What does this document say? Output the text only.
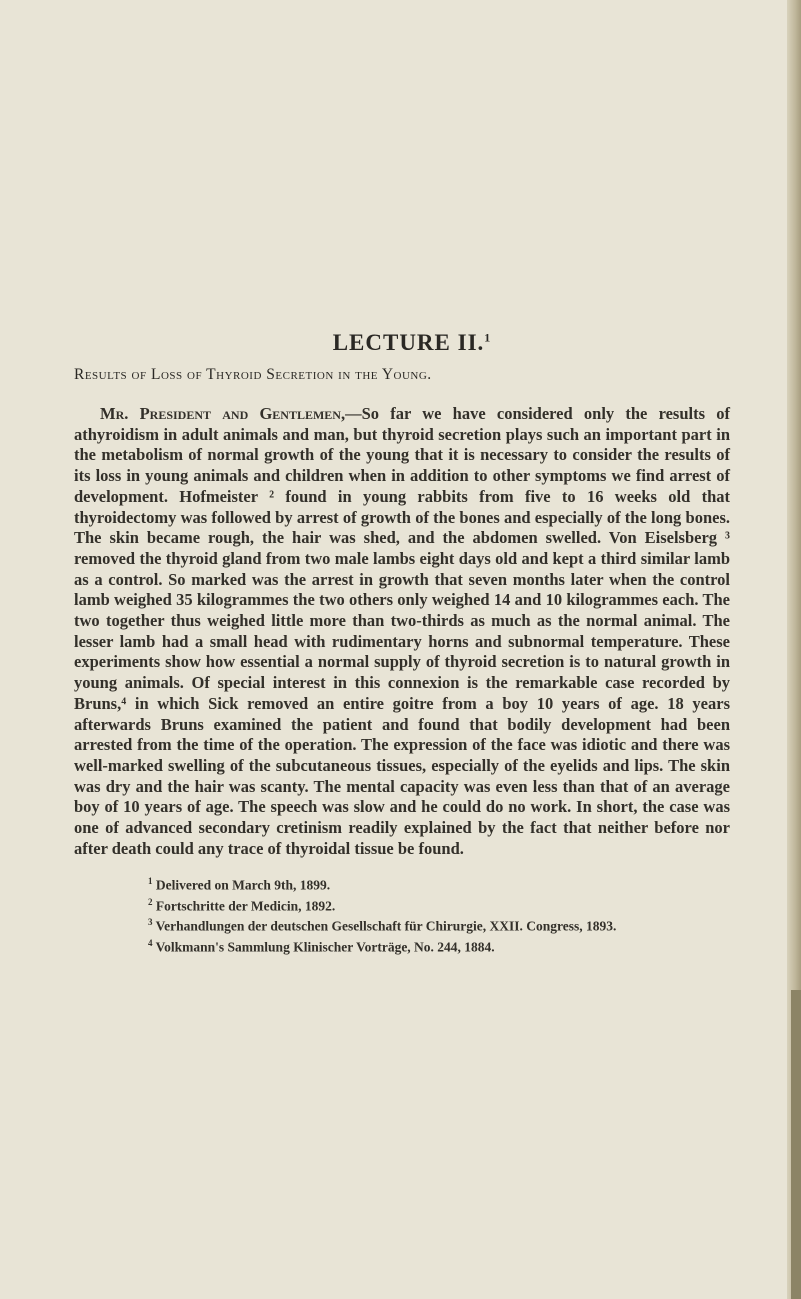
LECTURE II.$^1$

Results of Loss of Thyroid Secretion in the Young.

Mr. President and Gentlemen,—So far we have considered only the results of athyroidism in adult animals and man, but thyroid secretion plays such an important part in the metabolism of normal growth of the young that it is necessary to consider the results of its loss in young animals and children when in addition to other symptoms we find arrest of development. Hofmeister ² found in young rabbits from five to 16 weeks old that thyroidectomy was followed by arrest of growth of the bones and especially of the long bones. The skin became rough, the hair was shed, and the abdomen swelled. Von Eiselsberg ³ removed the thyroid gland from two male lambs eight days old and kept a third similar lamb as a control. So marked was the arrest in growth that seven months later when the control lamb weighed 35 kilogrammes the two others only weighed 14 and 10 kilogrammes each. The two together thus weighed little more than two-thirds as much as the normal animal. The lesser lamb had a small head with rudimentary horns and subnormal temperature. These experiments show how essential a normal supply of thyroid secretion is to natural growth in young animals. Of special interest in this connexion is the remarkable case recorded by Bruns,⁴ in which Sick removed an entire goitre from a boy 10 years of age. 18 years afterwards Bruns examined the patient and found that bodily development had been arrested from the time of the operation. The expression of the face was idiotic and there was well-marked swelling of the subcutaneous tissues, especially of the eyelids and lips. The skin was dry and the hair was scanty. The mental capacity was even less than that of an average boy of 10 years of age. The speech was slow and he could do no work. In short, the case was one of advanced secondary cretinism readily explained by the fact that neither before nor after death could any trace of thyroidal tissue be found.

$^1$ Delivered on March 9th, 1899.

$^2$ Fortschritte der Medicin, 1892.

$^3$ Verhandlungen der deutschen Gesellschaft für Chirurgie, XXII. Congress, 1893.

$^4$ Volkmann's Sammlung Klinischer Vorträge, No. 244, 1884.
